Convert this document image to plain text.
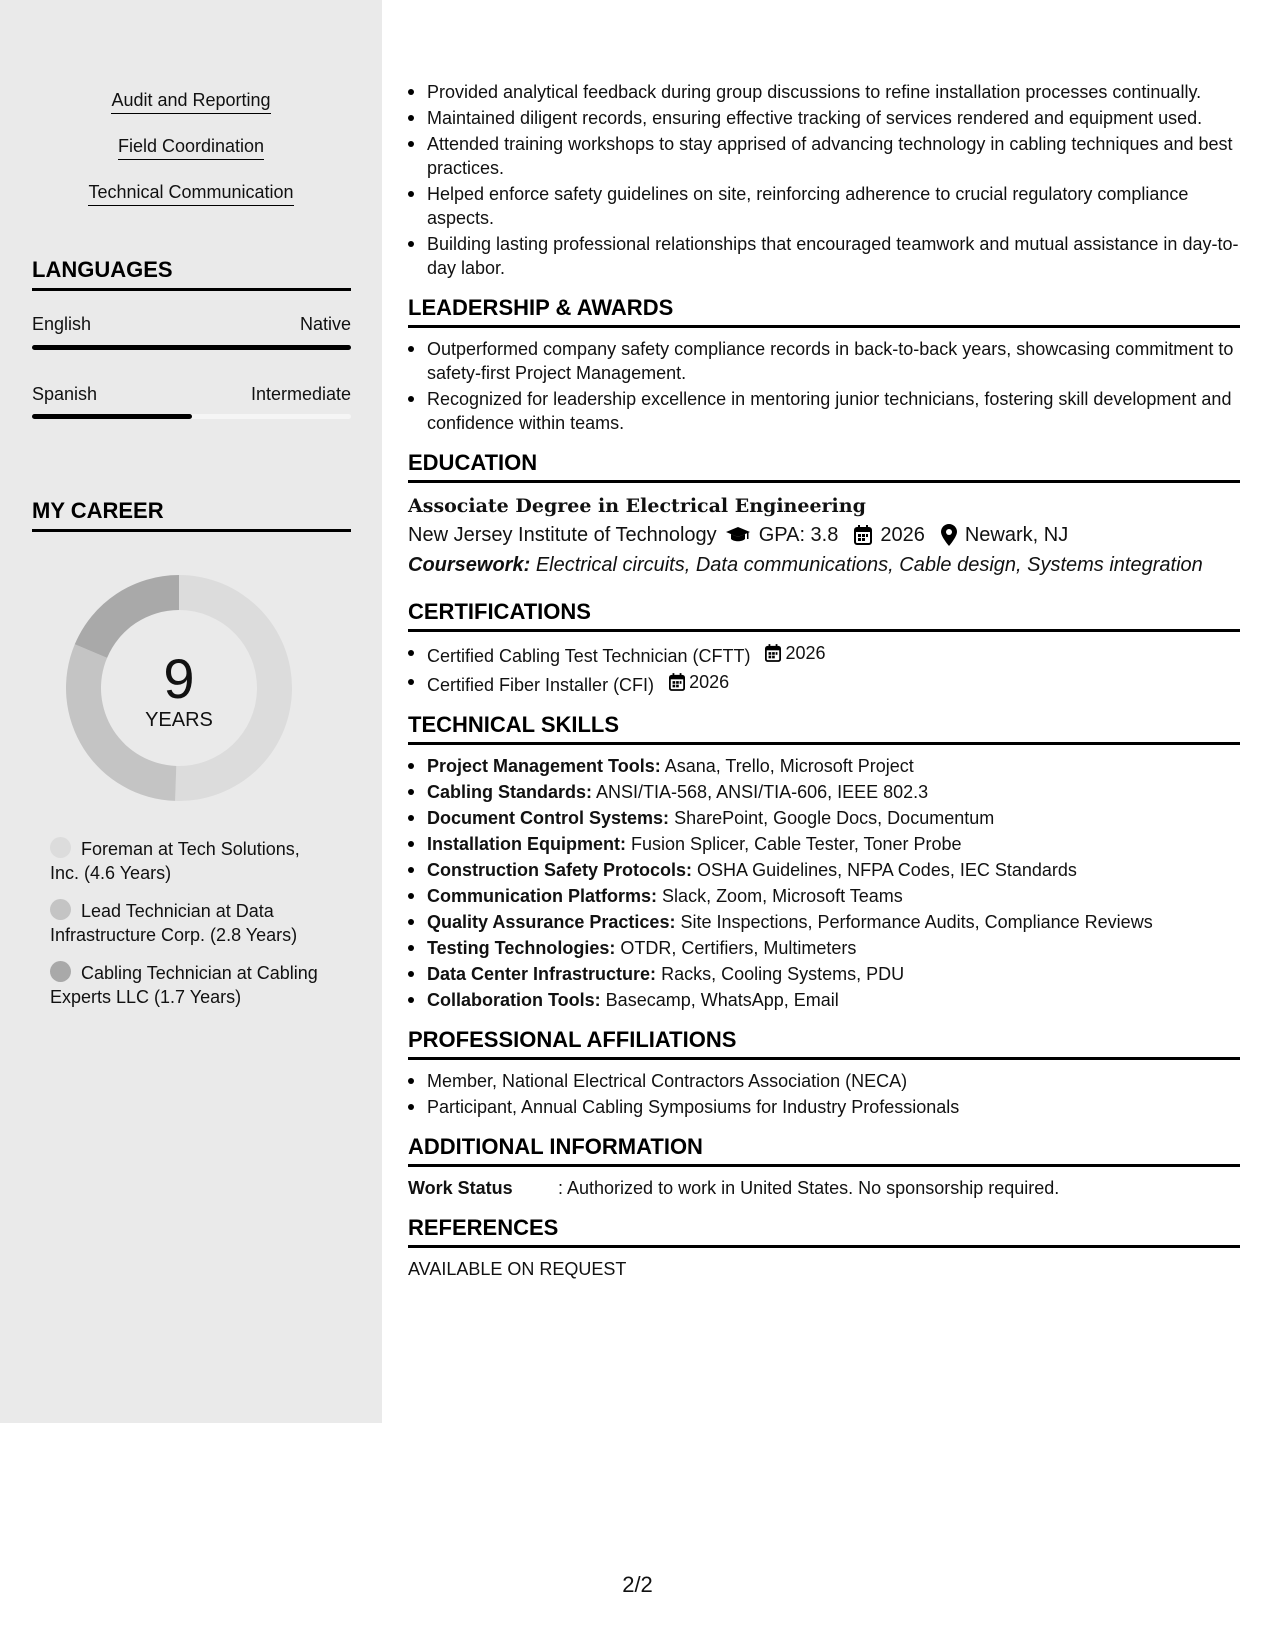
Audit and Reporting
Field Coordination
Technical Communication
LANGUAGES
English	Native
Spanish	Intermediate
MY CAREER
9
YEARS
Foreman at Tech Solutions, Inc. (4.6 Years)
Lead Technician at Data Infrastructure Corp. (2.8 Years)
Cabling Technician at Cabling Experts LLC (1.7 Years)
Provided analytical feedback during group discussions to refine installation processes continually.
Maintained diligent records, ensuring effective tracking of services rendered and equipment used.
Attended training workshops to stay apprised of advancing technology in cabling techniques and best practices.
Helped enforce safety guidelines on site, reinforcing adherence to crucial regulatory compliance aspects.
Building lasting professional relationships that encouraged teamwork and mutual assistance in day-to-day labor.
LEADERSHIP & AWARDS
Outperformed company safety compliance records in back-to-back years, showcasing commitment to safety-first Project Management.
Recognized for leadership excellence in mentoring junior technicians, fostering skill development and confidence within teams.
EDUCATION
Associate Degree in Electrical Engineering
New Jersey Institute of Technology GPA: 3.8 2026 Newark, NJ
Coursework: Electrical circuits, Data communications, Cable design, Systems integration
CERTIFICATIONS
Certified Cabling Test Technician (CFTT) 2026
Certified Fiber Installer (CFI) 2026
TECHNICAL SKILLS
Project Management Tools: Asana, Trello, Microsoft Project
Cabling Standards: ANSI/TIA-568, ANSI/TIA-606, IEEE 802.3
Document Control Systems: SharePoint, Google Docs, Documentum
Installation Equipment: Fusion Splicer, Cable Tester, Toner Probe
Construction Safety Protocols: OSHA Guidelines, NFPA Codes, IEC Standards
Communication Platforms: Slack, Zoom, Microsoft Teams
Quality Assurance Practices: Site Inspections, Performance Audits, Compliance Reviews
Testing Technologies: OTDR, Certifiers, Multimeters
Data Center Infrastructure: Racks, Cooling Systems, PDU
Collaboration Tools: Basecamp, WhatsApp, Email
PROFESSIONAL AFFILIATIONS
Member, National Electrical Contractors Association (NECA)
Participant, Annual Cabling Symposiums for Industry Professionals
ADDITIONAL INFORMATION
Work Status	: Authorized to work in United States. No sponsorship required.
REFERENCES
AVAILABLE ON REQUEST
2/2
